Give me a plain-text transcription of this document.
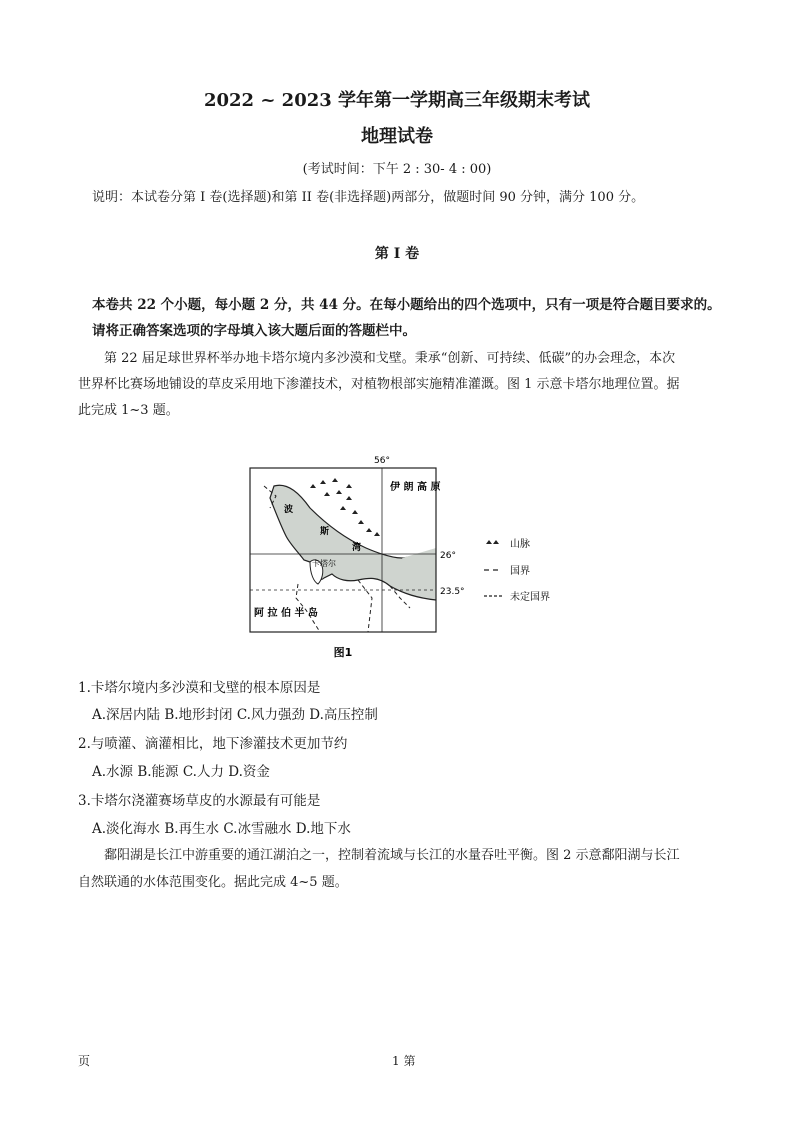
2022 ~ 2023 学年第一学期高三年级期末考试
地理试卷
(考试时间：下午 2 : 30- 4 : 00)
说明：本试卷分第 I 卷(选择题)和第 II 卷(非选择题)两部分，做题时间 90 分钟，满分 100 分。
第 I 卷
本卷共 22 个小题，每小题 2 分，共 44 分。在每小题给出的四个选项中，只有一项是符合题目要求的。
请将正确答案选项的字母填入该大题后面的答题栏中。
第 22 届足球世界杯举办地卡塔尔境内多沙漠和戈壁。秉承“创新、可持续、低碳”的办会理念，本次
世界杯比赛场地铺设的草皮采用地下渗灌技术，对植物根部实施精准灌溉。图 1 示意卡塔尔地理位置。据
此完成 1~3 题。
56°
26°
23.5°
伊 朗 高 原
波
斯
湾
卡塔尔
阿 拉 伯 半 岛
山脉
国界
未定国界
图1
1.卡塔尔境内多沙漠和戈壁的根本原因是
A.深居内陆 B.地形封闭 C.风力强劲 D.高压控制
2.与喷灌、滴灌相比，地下渗灌技术更加节约
A.水源 B.能源 C.人力 D.资金
3.卡塔尔浇灌赛场草皮的水源最有可能是
A.淡化海水 B.再生水 C.冰雪融水 D.地下水
鄱阳湖是长江中游重要的通江湖泊之一，控制着流域与长江的水量吞吐平衡。图 2 示意鄱阳湖与长江
自然联通的水体范围变化。据此完成 4~5 题。
页	1 第
